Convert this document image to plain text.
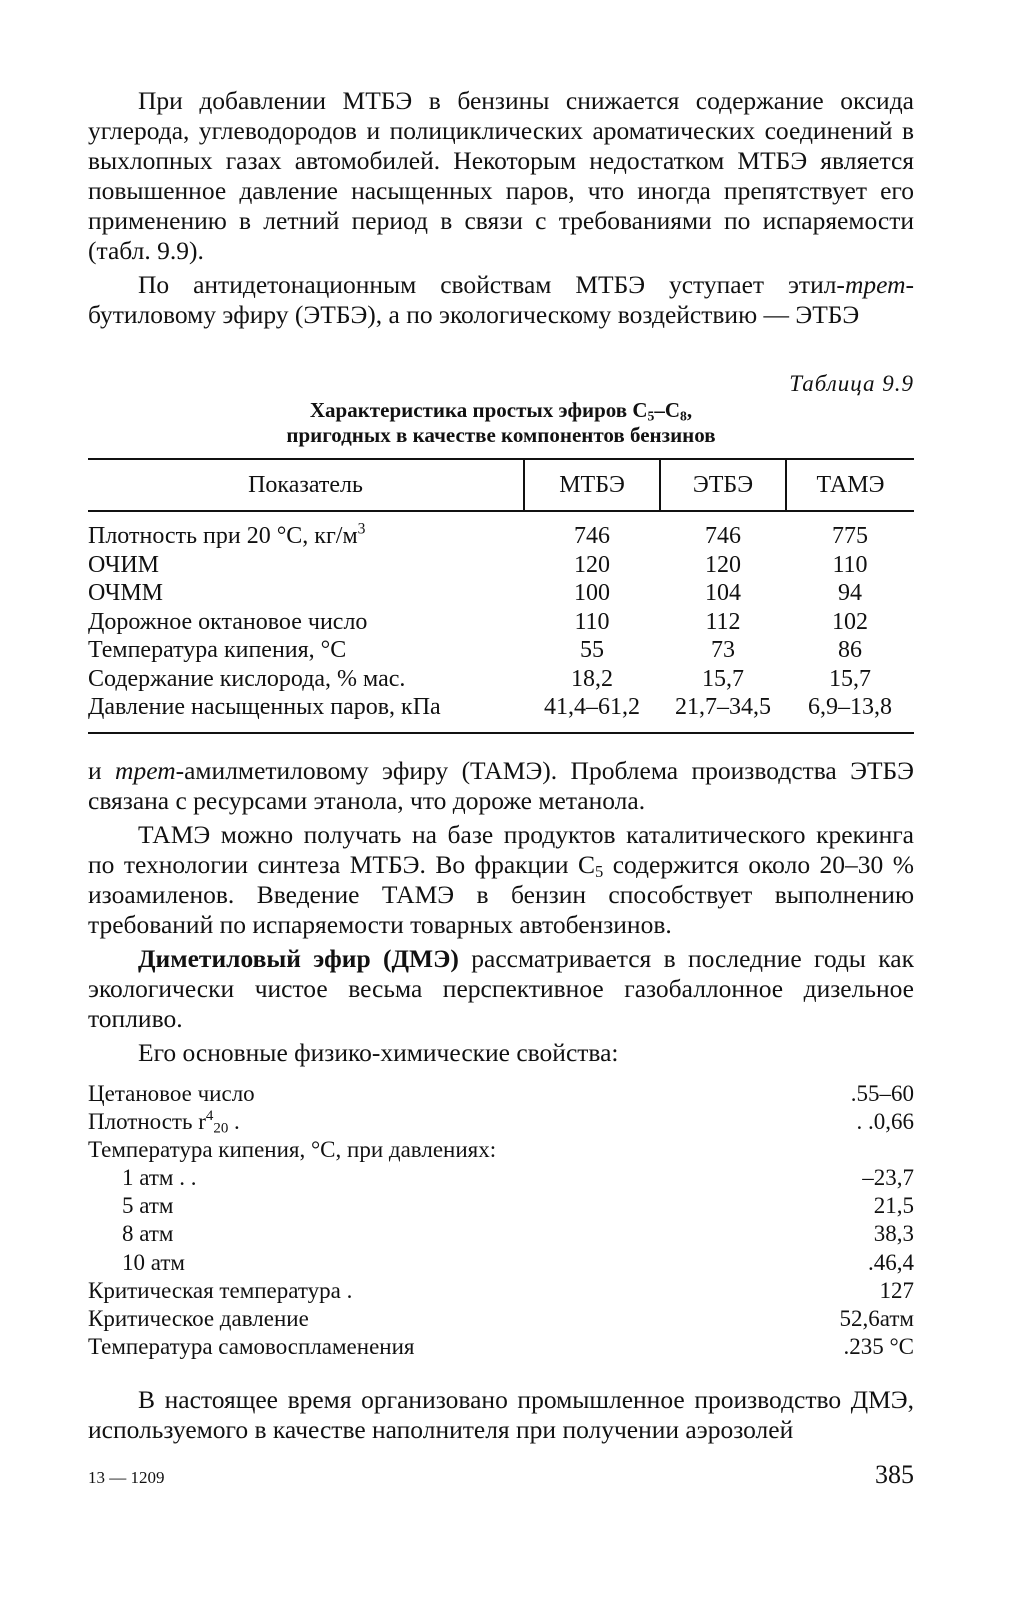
При добавлении МТБЭ в бензины снижается содержание оксида углерода, углеводородов и полициклических ароматических соединений в выхлопных газах автомобилей. Некоторым недостатком МТБЭ является повышенное давление насыщенных паров, что иногда препятствует его применению в летний период в связи с требованиями по испаряемости (табл. 9.9).

По антидетонационным свойствам МТБЭ уступает этил-трет-бутиловому эфиру (ЭТБЭ), а по экологическому воздействию — ЭТБЭ

Таблица 9.9
Характеристика простых эфиров $C_5-C_8$,
пригодных в качестве компонентов бензинов
Показатель	МТБЭ	ЭТБЭ	ТАМЭ
Плотность при 20 °C, $кг/м^3$	746	746	775
ОЧИМ	120	120	110
ОЧММ	100	104	94
Дорожное октановое число	110	112	102
Температура кипения, °C	55	73	86
Содержание кислорода, % мас.	18,2	15,7	15,7
Давление насыщенных паров, кПа	41,4–61,2	21,7–34,5	6,9–13,8

и трет-амилметиловому эфиру (ТАМЭ). Проблема производства ЭТБЭ связана с ресурсами этанола, что дороже метанола.

ТАМЭ можно получать на базе продуктов каталитического крекинга по технологии синтеза МТБЭ. Во фракции $C_5$ содержится около 20–30 % изоамиленов. Введение ТАМЭ в бензин способствует выполнению требований по испаряемости товарных автобензинов.

Диметиловый эфир (ДМЭ) рассматривается в последние годы как экологически чистое весьма перспективное газобаллонное дизельное топливо.

Его основные физико-химические свойства:

Цетановое число	.55–60
Плотность $r^4_{20}$ .	. .0,66
Температура кипения, °C, при давлениях:
1 атм . .	–23,7
5 атм	21,5
8 атм	38,3
10 атм	.46,4
Критическая температура .	127
Критическое давление	52,6атм
Температура самовоспламенения	.235 °C

В настоящее время организовано промышленное производство ДМЭ, используемого в качестве наполнителя при получении аэрозолей

13 — 1209	385
